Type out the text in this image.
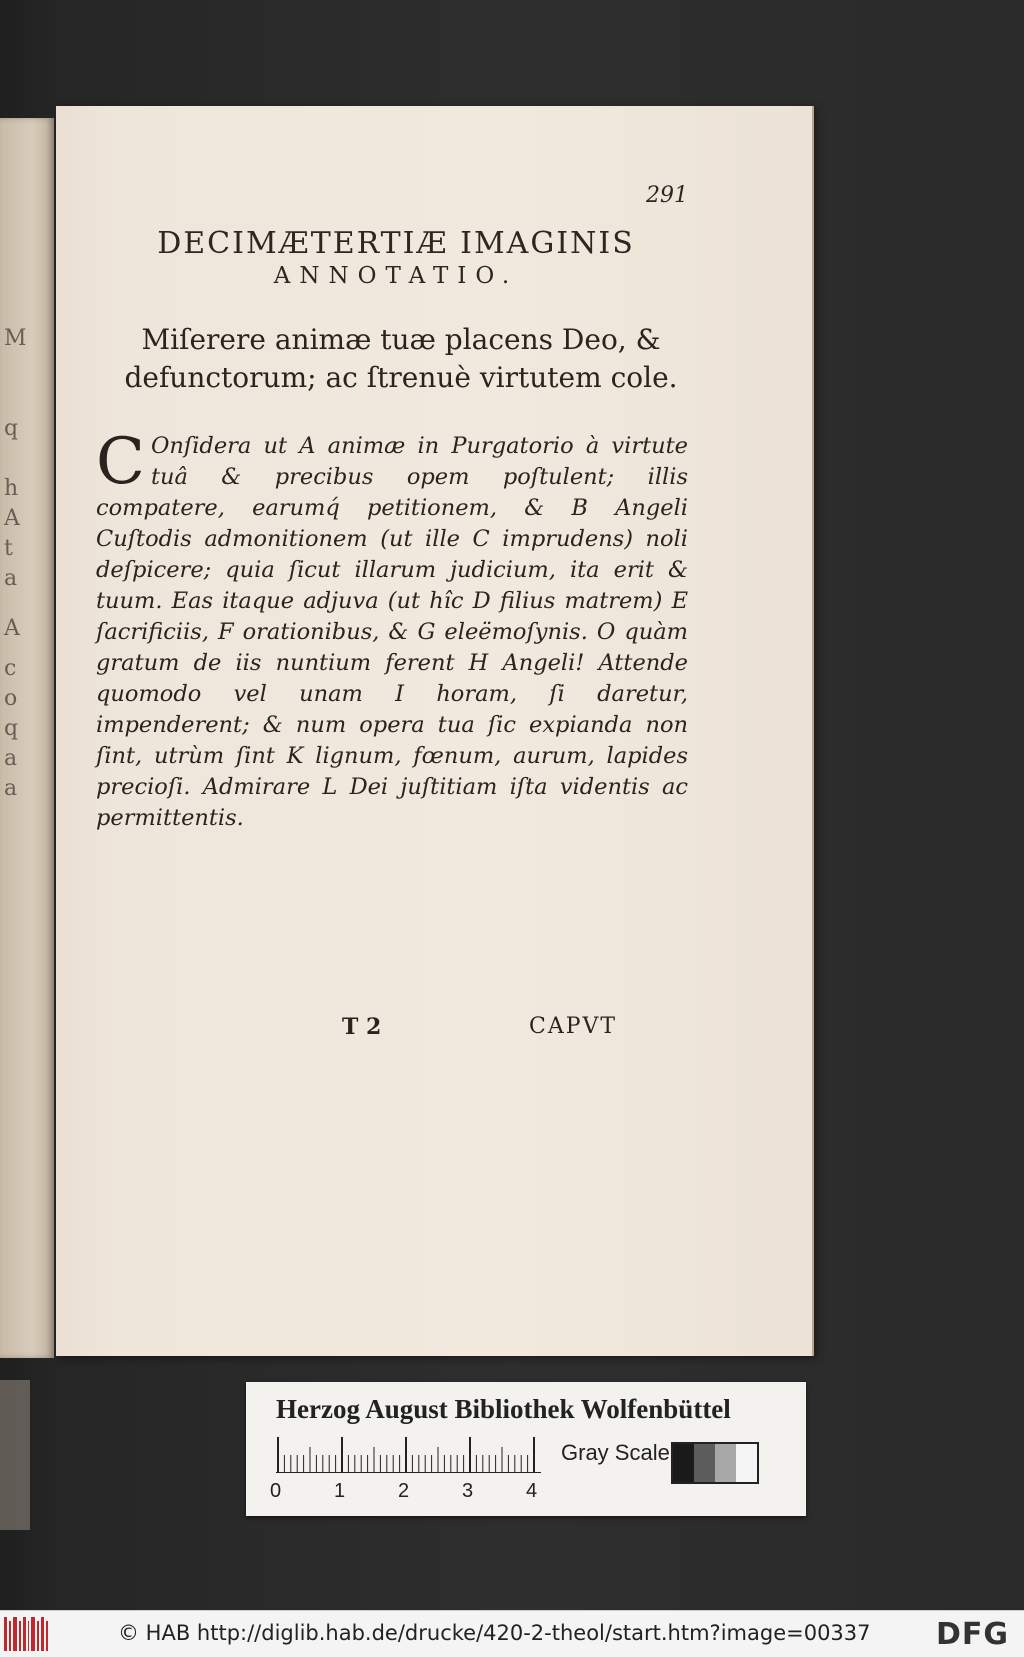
M
q
h
A
t
a
A
c
o
q
a
a
291
DECIMÆTERTIÆ IMAGINIS
ANNOTATIO.

Miſerere animæ tuæ placens Deo, & defunctorum; ac ſtrenuè virtutem cole.

C Onſidera ut A animæ in Purgatorio à virtute tuâ & precibus opem poſtulent; illis compatere, earumq́ petitionem, & B Angeli Cuſtodis admonitionem (ut ille C imprudens) noli deſpicere; quia ſicut illarum judicium, ita erit & tuum. Eas itaque adjuva (ut hîc D filius matrem) E ſacrificiis, F orationibus, & G eleëmoſynis. O quàm gratum de iis nuntium ferent H Angeli! Attende quomodo vel unam I horam, ſi daretur, impenderent; & num opera tua ſic expianda non ſint, utrùm ſint K lignum, fœnum, aurum, lapides precioſi. Admirare L Dei juſtitiam iſta videntis ac permittentis.

T 2	CAPVT
Herzog August Bibliothek Wolfenbüttel
0	1	2	3	4
Gray Scale
© HAB http://diglib.hab.de/drucke/420-2-theol/start.htm?image=00337 DFG
